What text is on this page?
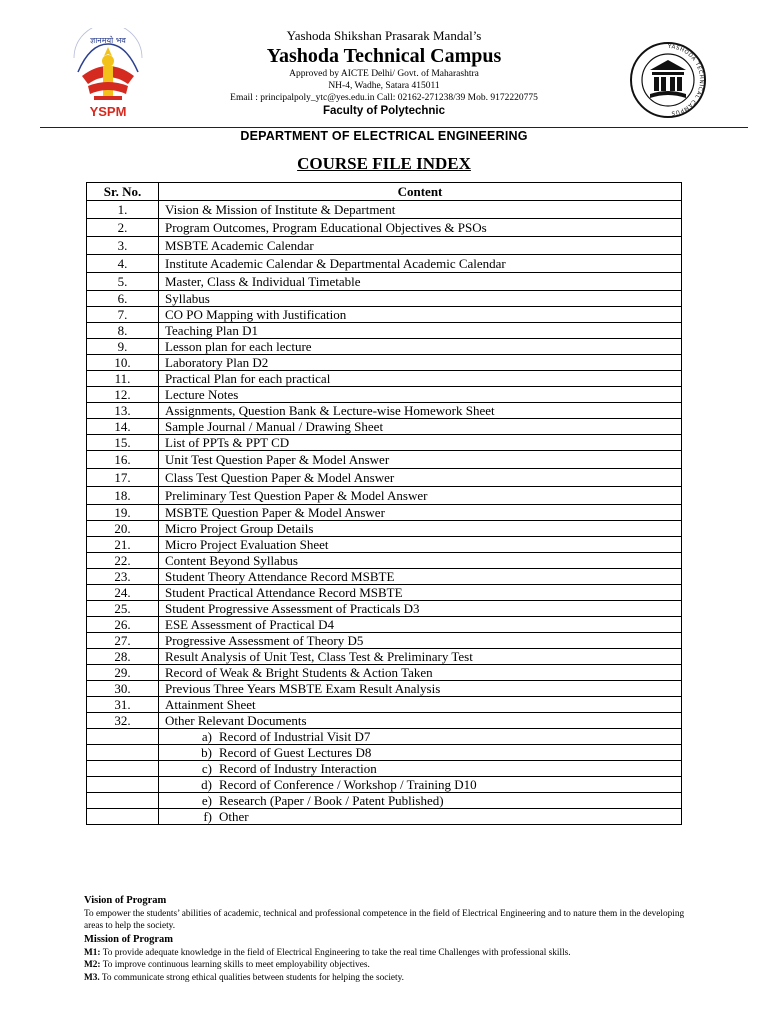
ज्ञानमयो भव
YSPM
Yashoda Shikshan Prasarak Mandal’s
Yashoda Technical Campus
Approved by AICTE Delhi/ Govt. of Maharashtra
NH-4, Wadhe, Satara 415011
Email : principalpoly_ytc@yes.edu.in Call: 02162-271238/39 Mob. 9172220775
Faculty of Polytechnic
YASHODA TECHNICAL CAMPUS
DEPARTMENT OF ELECTRICAL ENGINEERING
COURSE FILE INDEX
Sr. No.	Content
1.	Vision & Mission of Institute & Department
2.	Program Outcomes, Program Educational Objectives & PSOs
3.	MSBTE Academic Calendar
4.	Institute Academic Calendar & Departmental Academic Calendar
5.	Master, Class & Individual Timetable
6.	Syllabus
7.	CO PO Mapping with Justification
8.	Teaching Plan D1
9.	Lesson plan for each lecture
10.	Laboratory Plan D2
11.	Practical Plan for each practical
12.	Lecture Notes
13.	Assignments, Question Bank & Lecture-wise Homework Sheet
14.	Sample Journal / Manual / Drawing Sheet
15.	List of PPTs & PPT CD
16.	Unit Test Question Paper & Model Answer
17.	Class Test Question Paper & Model Answer
18.	Preliminary Test Question Paper & Model Answer
19.	MSBTE Question Paper & Model Answer
20.	Micro Project Group Details
21.	Micro Project Evaluation Sheet
22.	Content Beyond Syllabus
23.	Student Theory Attendance Record MSBTE
24.	Student Practical Attendance Record MSBTE
25.	Student Progressive Assessment of Practicals D3
26.	ESE Assessment of Practical D4
27.	Progressive Assessment of Theory D5
28.	Result Analysis of Unit Test, Class Test & Preliminary Test
29.	Record of Weak & Bright Students & Action Taken
30.	Previous Three Years MSBTE Exam Result Analysis
31.	Attainment Sheet
32.	Other Relevant Documents
	a) Record of Industrial Visit D7
	b) Record of Guest Lectures D8
	c) Record of Industry Interaction
	d) Record of Conference / Workshop / Training D10
	e) Research (Paper / Book / Patent Published)
	f) Other
Vision of Program
To empower the students’ abilities of academic, technical and professional competence in the field of Electrical Engineering and to nature them in the developing areas to help the society.
Mission of Program
M1: To provide adequate knowledge in the field of Electrical Engineering to take the real time Challenges with professional skills.
M2: To improve continuous learning skills to meet employability objectives.
M3. To communicate strong ethical qualities between students for helping the society.
